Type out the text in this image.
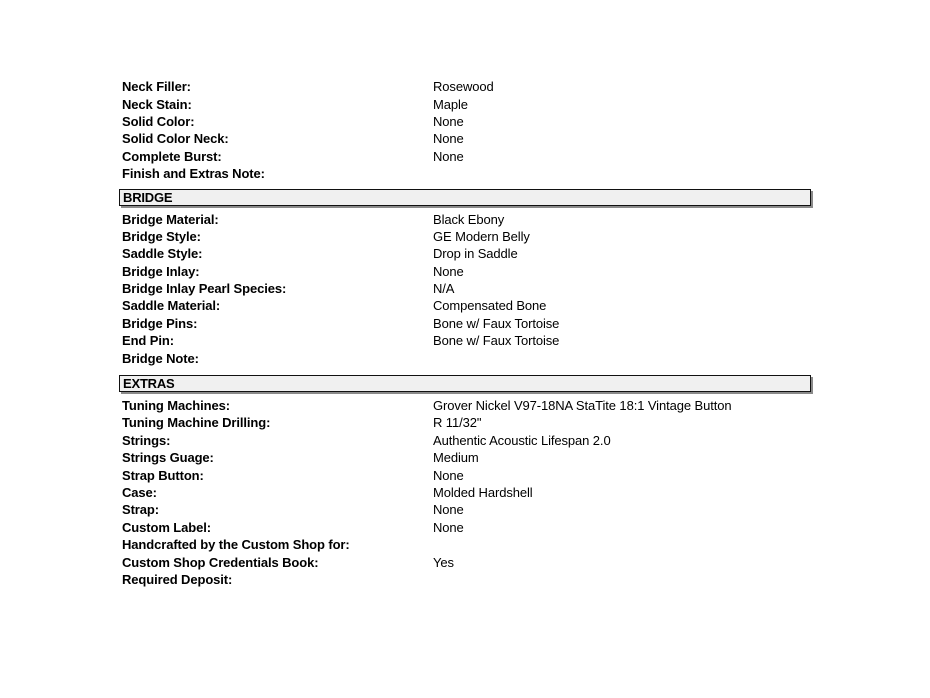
Neck Filler:	Rosewood
Neck Stain:	Maple
Solid Color:	None
Solid Color Neck:	None
Complete Burst:	None
Finish and Extras Note:
BRIDGE
Bridge Material:	Black Ebony
Bridge Style:	GE Modern Belly
Saddle Style:	Drop in Saddle
Bridge Inlay:	None
Bridge Inlay Pearl Species:	N/A
Saddle Material:	Compensated Bone
Bridge Pins:	Bone w/ Faux Tortoise
End Pin:	Bone w/ Faux Tortoise
Bridge Note:
EXTRAS
Tuning Machines:	Grover Nickel V97-18NA StaTite 18:1 Vintage Button
Tuning Machine Drilling:	R 11/32"
Strings:	Authentic Acoustic Lifespan 2.0
Strings Guage:	Medium
Strap Button:	None
Case:	Molded Hardshell
Strap:	None
Custom Label:	None
Handcrafted by the Custom Shop for:
Custom Shop Credentials Book:	Yes
Required Deposit:
